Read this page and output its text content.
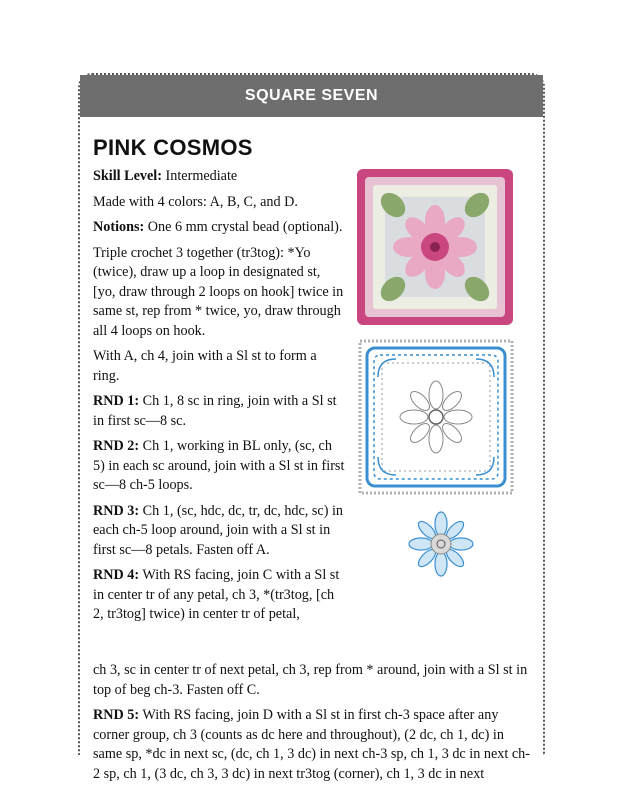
SQUARE SEVEN
PINK COSMOS

Skill Level: Intermediate

Made with 4 colors: A, B, C, and D.

Notions: One 6 mm crystal bead (optional).

Triple crochet 3 together (tr3tog): *Yo (twice), draw up a loop in designated st, [yo, draw through 2 loops on hook] twice in same st, rep from * twice, yo, draw through all 4 loops on hook.

With A, ch 4, join with a Sl st to form a ring.

RND 1: Ch 1, 8 sc in ring, join with a Sl st in first sc—8 sc.

RND 2: Ch 1, working in BL only, (sc, ch 5) in each sc around, join with a Sl st in first sc—8 ch-5 loops.

RND 3: Ch 1, (sc, hdc, dc, tr, dc, hdc, sc) in each ch-5 loop around, join with a Sl st in first sc—8 petals. Fasten off A.

RND 4: With RS facing, join C with a Sl st in center tr of any petal, ch 3, *(tr3tog, [ch 2, tr3tog] twice) in center tr of petal,

ch 3, sc in center tr of next petal, ch 3, rep from * around, join with a Sl st in top of beg ch-3. Fasten off C.

RND 5: With RS facing, join D with a Sl st in first ch-3 space after any corner group, ch 3 (counts as dc here and throughout), (2 dc, ch 1, dc) in same sp, *dc in next sc, (dc, ch 1, 3 dc) in next ch-3 sp, ch 1, 3 dc in next ch-2 sp, ch 1, (3 dc, ch 3, 3 dc) in next tr3tog (corner), ch 1, 3 dc in next
